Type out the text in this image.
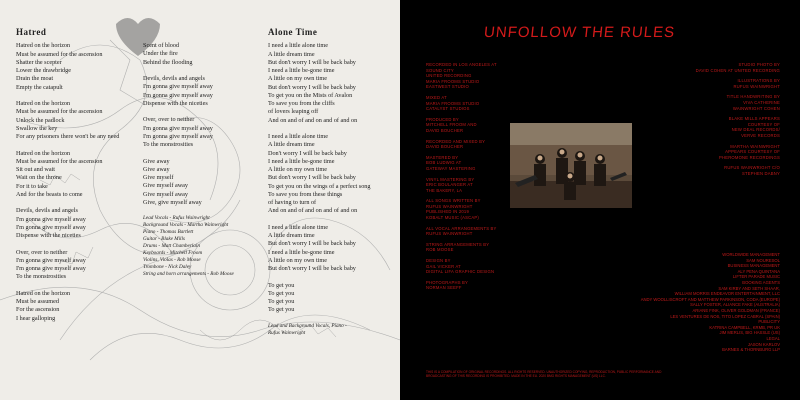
Hatred
Hatred on the horizon
Must be assumed for the ascension
Shatter the scepter
Lower the drawbridge
Drain the moat
Empty the catapult
Hatred on the horizon
Must be assumed for the ascension
Unlock the padlock
Swallow the key
For any prisoners there won't be any need
Hatred on the horizon
Must be assumed for the ascension
Sit out and wait
Wait on the throne
For it to take
And for the beasts to come
Devils, devils and angels
I'm gonna give myself away
I'm gonna give myself away
Dispense with the niceties
Over, over to neither
I'm gonna give myself away
I'm gonna give myself away
To the monstrosities
Hatred on the horizon
Must be assumed
For the ascension
I hear galloping
Scent of blood
Under the fire
Behind the flooding
Devils, devils and angels
I'm gonna give myself away
I'm gonna give myself away
Dispense with the niceties
Over, over to neither
I'm gonna give myself away
I'm gonna give myself away
To the monstrosities
Give away
Give away
Give myself
Give myself away
Give myself away
Give, give myself away
Lead Vocals - Rufus Wainwright
Background Vocals - Martha Wainwright
Piano - Thomas Bartlett
Guitar - Blake Mills
Drums - Matt Chamberlain
Keyboards - Mitchell Froom
Violins, Violas - Rob Moose
Trombone - Nick Daley
String and horn arrangements - Rob Moose
Alone Time
I need a little alone time
A little dream time
But don't worry I will be back baby
I need a little be-gone time
A little on my own time
But don't worry I will be back baby
To get you on the Mists of Avalon
To save you from the cliffs
of lovers leaping off
And on and of and on and of and on
I need a little alone time
A little dream time
Don't worry I will be back baby
I need a little be-gone time
A little on my own time
But don't worry I will be back baby
To get you on the wings of a perfect song
To save you from these things
of having to turn of
And on and of and on and of and on
I need a little alone time
A little dream time
But don't worry I will be back baby
I need a little be-gone time
A little on my own time
But don't worry I will be back baby
To get you
To get you
To get you
To get you
Lead and Background Vocals, Piano -
Rufus Wainwright
UNFOLLOW THE RULES
RECORDED IN LOS ANGELES AT
SOUND CITY
UNITED RECORDING
MARIA FROOMS STUDIO
EASTWEST STUDIO
MIXED AT
MARIA FROOMS STUDIO
CATALYST STUDIOS
PRODUCED BY
MITCHELL FROOM AND
DAVID BOUCHER
RECORDED AND MIXED BY
DAVID BOUCHER
MASTERED BY
BOB LUDWIG AT
GATEWAY MASTERING
VINYL MASTERING BY
ERIC BOULANGER AT
THE BAKERY, LA
ALL SONGS WRITTEN BY
RUFUS WAINWRIGHT
PUBLISHED IN 2019
KOBALT MUSIC (ASCAP)
ALL VOCAL ARRANGEMENTS BY
RUFUS WAINWRIGHT
STRING ARRANGEMENTS BY
ROB MOOSE
DESIGN BY
GAIL VICKER AT
DIGITAL LIFA GRAPHIC DESIGN
PHOTOGRAPHS BY
NORMAN SEEFF
STUDIO PHOTO BY
DAVID COHEN AT UNITED RECORDING
ILLUSTRATIONS BY
RUFUS WAINWRIGHT
TITLE HANDWRITING BY
VIVA CATHERINE
WAINWRIGHT COHEN
BLAKE MILLS APPEARS
COURTESY OF
NEW DEAL RECORDS/
VERVE RECORDS
MARTHA WAINWRIGHT
APPEARS COURTESY OF
PHEROMONE RECORDINGS
RUFUS WAINWRIGHT C/O
STEPHEN DABNY
WORLDWIDE MANAGEMENT
SAM NOURESOL
BUSINESS MANAGEMENT
ALY PENA QUINTANA
LIFTER PARADE MUSIC
BOOKING AGENTS
SAM KIRBY AND SETH SHAAR,
WILLIAM MORRIS ENDEAVOR ENTERTAINMENT, LLC
ANDY WOOLLISCROFT AND MATTHEW PARKINSON, CODA (EUROPE)
SALLY FOSTER, ALIANCE FAKE (AUSTRALIA)
ARIANE FINK, OLIVER GOLDMAN (FRANCE)
LES VENTURES DE NOS, TITO LOPEZ CABRAL (SPAIN)
PUBLICITY
KATRINA CAMPBELL, KRMB, PR UK
JIM MERLIS, BIG HASSLE (US)
LEGAL
JASON KARLOV
BARNES & THORNBURG LLP
THIS IS A COMPILATION OF ORIGINAL RECORDINGS. ALL RIGHTS RESERVED. UNAUTHORIZED COPYING, REPRODUCTION, PUBLIC PERFORMANCE AND BROADCASTING OF THIS RECORDING IS PROHIBITED. MADE IN THE EU. 2020 BMG RIGHTS MANAGEMENT (US) LLC.
